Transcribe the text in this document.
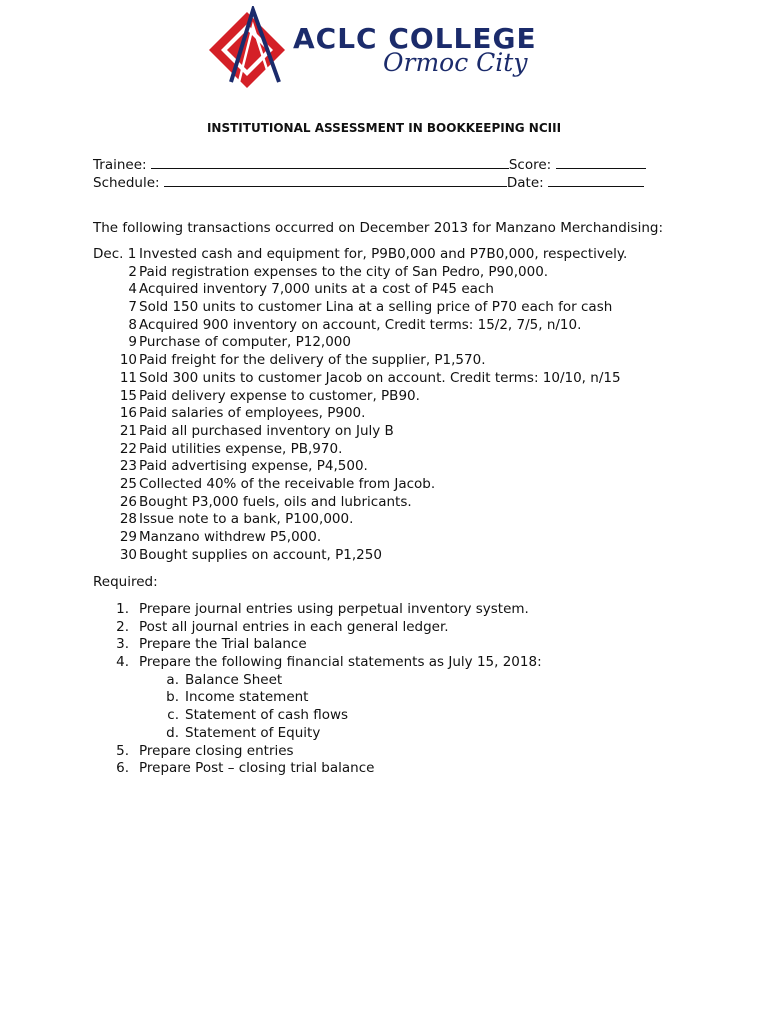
ACLC COLLEGE
Ormoc City
INSTITUTIONAL ASSESSMENT IN BOOKKEEPING NCIII
Trainee:	Score:
Schedule:	Date:
The following transactions occurred on December 2013 for Manzano Merchandising:
Dec. 1 Invested cash and equipment for, P9B0,000 and P7B0,000, respectively.
2 Paid registration expenses to the city of San Pedro, P90,000.
4 Acquired inventory 7,000 units at a cost of P45 each
7 Sold 150 units to customer Lina at a selling price of P70 each for cash
8 Acquired 900 inventory on account, Credit terms: 15/2, 7/5, n/10.
9 Purchase of computer, P12,000
10 Paid freight for the delivery of the supplier, P1,570.
11 Sold 300 units to customer Jacob on account. Credit terms: 10/10, n/15
15 Paid delivery expense to customer, PB90.
16 Paid salaries of employees, P900.
21 Paid all purchased inventory on July B
22 Paid utilities expense, PB,970.
23 Paid advertising expense, P4,500.
25 Collected 40% of the receivable from Jacob.
26 Bought P3,000 fuels, oils and lubricants.
28 Issue note to a bank, P100,000.
29 Manzano withdrew P5,000.
30 Bought supplies on account, P1,250
Required:
1. Prepare journal entries using perpetual inventory system.
2. Post all journal entries in each general ledger.
3. Prepare the Trial balance
4. Prepare the following financial statements as July 15, 2018:
a. Balance Sheet
b. Income statement
c. Statement of cash flows
d. Statement of Equity
5. Prepare closing entries
6. Prepare Post – closing trial balance
